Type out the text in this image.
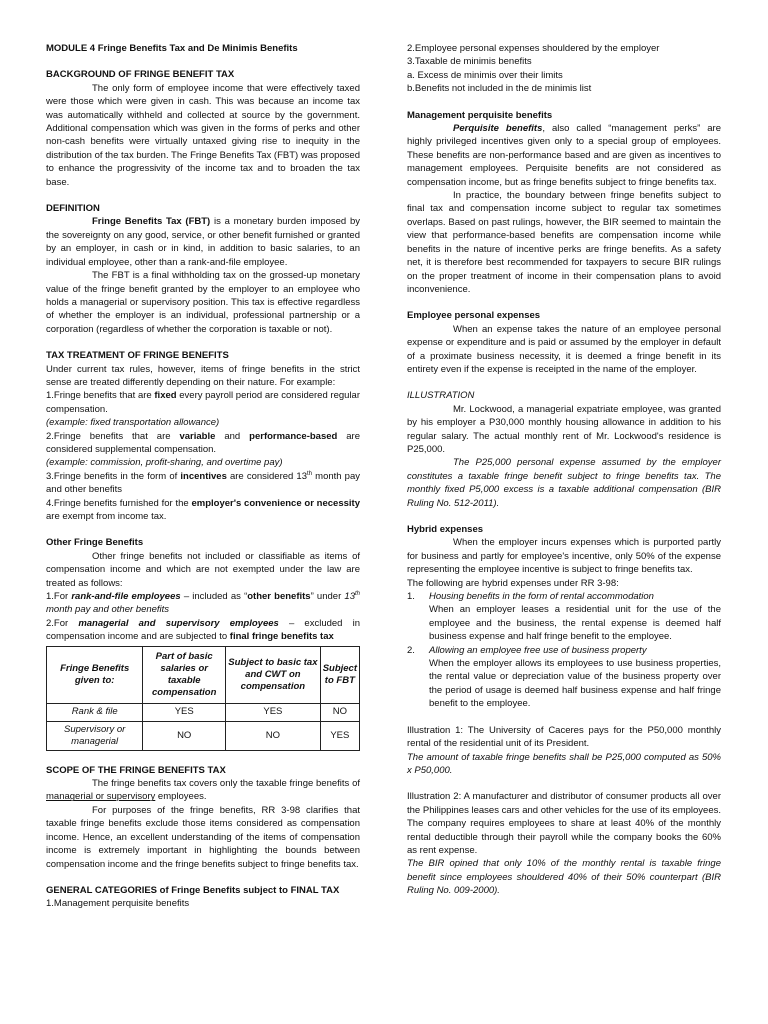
MODULE 4 Fringe Benefits Tax and De Minimis Benefits

BACKGROUND OF FRINGE BENEFIT TAX

The only form of employee income that were effectively taxed were those which were given in cash. This was because an income tax was automatically withheld and collected at source by the government. Additional compensation which was given in the forms of perks and other non-cash benefits were virtually untaxed giving rise to inequity in the distribution of the tax burden. The Fringe Benefits Tax (FBT) was proposed to enhance the progressivity of the income tax and to broaden the tax base.

DEFINITION

Fringe Benefits Tax (FBT) is a monetary burden imposed by the sovereignty on any good, service, or other benefit furnished or granted by an employer, in cash or in kind, in addition to basic salaries, to an individual employee, other than a rank-and-file employee.

The FBT is a final withholding tax on the grossed-up monetary value of the fringe benefit granted by the employer to an employee who holds a managerial or supervisory position. This tax is effective regardless of whether the employer is an individual, professional partnership or a corporation (regardless of whether the corporation is taxable or not).

TAX TREATMENT OF FRINGE BENEFITS

Under current tax rules, however, items of fringe benefits in the strict sense are treated differently depending on their nature. For example:

1.Fringe benefits that are fixed every payroll period are considered regular compensation.

(example: fixed transportation allowance)

2.Fringe benefits that are variable and performance-based are considered supplemental compensation.

(example: commission, profit-sharing, and overtime pay)

3.Fringe benefits in the form of incentives are considered 13th month pay and other benefits

4.Fringe benefits furnished for the employer's convenience or necessity are exempt from income tax.

Other Fringe Benefits

Other fringe benefits not included or classifiable as items of compensation income and which are not exempted under the law are treated as follows:

1.For rank-and-file employees – included as “other benefits” under 13th month pay and other benefits

2.For managerial and supervisory employees – excluded in compensation income and are subjected to final fringe benefits tax

Fringe Benefits given to:	Part of basic salaries or taxable compensation	Subject to basic tax and CWT on compensation	Subject to FBT
Rank & file	YES	YES	NO
Supervisory or managerial	NO	NO	YES

SCOPE OF THE FRINGE BENEFITS TAX

The fringe benefits tax covers only the taxable fringe benefits of managerial or supervisory employees.

For purposes of the fringe benefits, RR 3-98 clarifies that taxable fringe benefits exclude those items considered as compensation income. Hence, an excellent understanding of the items of compensation income is extremely important in highlighting the bounds between compensation income and the fringe benefits subject to fringe benefits tax.

GENERAL CATEGORIES of Fringe Benefits subject to FINAL TAX

1.Management perquisite benefits

2.Employee personal expenses shouldered by the employer

3.Taxable de minimis benefits

a. Excess de minimis over their limits

b.Benefits not included in the de minimis list

Management perquisite benefits

Perquisite benefits, also called “management perks” are highly privileged incentives given only to a special group of employees. These benefits are non-performance based and are given as incentives to management employees. Perquisite benefits are not considered as compensation income, but as fringe benefits subject to fringe benefits tax.

In practice, the boundary between fringe benefits subject to final tax and compensation income subject to regular tax sometimes overlaps. Based on past rulings, however, the BIR seemed to maintain the view that performance-based benefits are compensation income while benefits in the nature of incentive perks are fringe benefits. As a safety net, it is therefore best recommended for taxpayers to secure BIR rulings on the proper treatment of income in their compensation plans to avoid inconvenience.

Employee personal expenses

When an expense takes the nature of an employee personal expense or expenditure and is paid or assumed by the employer in default of a proximate business necessity, it is deemed a fringe benefit in its entirety even if the expense is receipted in the name of the employer.

ILLUSTRATION

Mr. Lockwood, a managerial expatriate employee, was granted by his employer a P30,000 monthly housing allowance in addition to his regular salary. The actual monthly rent of Mr. Lockwood's residence is P25,000.

The P25,000 personal expense assumed by the employer constitutes a taxable fringe benefit subject to fringe benefits tax. The monthly fixed P5,000 excess is a taxable additional compensation (BIR Ruling No. 512-2011).

Hybrid expenses

When the employer incurs expenses which is purported partly for business and partly for employee's incentive, only 50% of the expense representing the employee incentive is subject to fringe benefits tax.

The following are hybrid expenses under RR 3-98:

1.	Housing benefits in the form of rental accommodation

When an employer leases a residential unit for the use of the employee and the business, the rental expense is deemed half business expense and half fringe benefit to the employee.

2.	Allowing an employee free use of business property

When the employer allows its employees to use business properties, the rental value or depreciation value of the business property over the period of usage is deemed half business expense and half fringe benefit to the employee.

Illustration 1: The University of Caceres pays for the P50,000 monthly rental of the residential unit of its President.

The amount of taxable fringe benefits shall be P25,000 computed as 50% x P50,000.

Illustration 2: A manufacturer and distributor of consumer products all over the Philippines leases cars and other vehicles for the use of its employees. The company requires employees to share at least 40% of the monthly rental deductible through their payroll while the company books the 60% as rent expense.

The BIR opined that only 10% of the monthly rental is taxable fringe benefit since employees shouldered 40% of their 50% counterpart (BIR Ruling No. 009-2000).
